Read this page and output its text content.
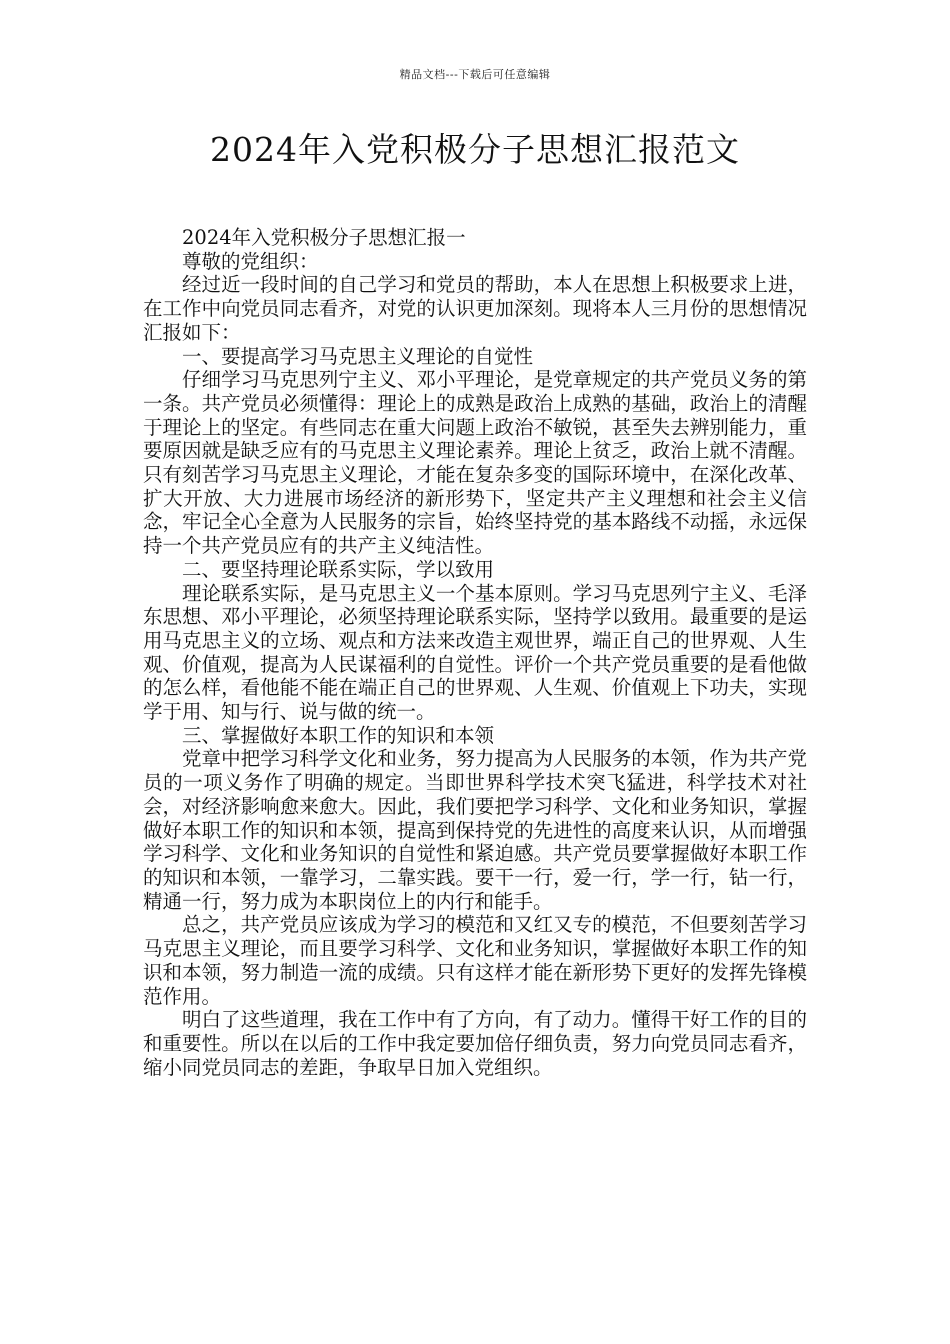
精品文档---下载后可任意编辑
2024年入党积极分子思想汇报范文

2024年入党积极分子思想汇报一

尊敬的党组织：

经过近一段时间的自己学习和党员的帮助，本人在思想上积极要求上进，在工作中向党员同志看齐，对党的认识更加深刻。现将本人三月份的思想情况汇报如下：

一、要提高学习马克思主义理论的自觉性

仔细学习马克思列宁主义、邓小平理论，是党章规定的共产党员义务的第一条。共产党员必须懂得：理论上的成熟是政治上成熟的基础，政治上的清醒于理论上的坚定。有些同志在重大问题上政治不敏锐，甚至失去辨别能力，重要原因就是缺乏应有的马克思主义理论素养。理论上贫乏，政治上就不清醒。只有刻苦学习马克思主义理论，才能在复杂多变的国际环境中，在深化改革、扩大开放、大力进展市场经济的新形势下，坚定共产主义理想和社会主义信念，牢记全心全意为人民服务的宗旨，始终坚持党的基本路线不动摇，永远保持一个共产党员应有的共产主义纯洁性。

二、要坚持理论联系实际，学以致用

理论联系实际，是马克思主义一个基本原则。学习马克思列宁主义、毛泽东思想、邓小平理论，必须坚持理论联系实际，坚持学以致用。最重要的是运用马克思主义的立场、观点和方法来改造主观世界，端正自己的世界观、人生观、价值观，提高为人民谋福利的自觉性。评价一个共产党员重要的是看他做的怎么样，看他能不能在端正自己的世界观、人生观、价值观上下功夫，实现学于用、知与行、说与做的统一。

三、掌握做好本职工作的知识和本领

党章中把学习科学文化和业务，努力提高为人民服务的本领，作为共产党员的一项义务作了明确的规定。当即世界科学技术突飞猛进，科学技术对社会，对经济影响愈来愈大。因此，我们要把学习科学、文化和业务知识，掌握做好本职工作的知识和本领，提高到保持党的先进性的高度来认识，从而增强学习科学、文化和业务知识的自觉性和紧迫感。共产党员要掌握做好本职工作的知识和本领，一靠学习，二靠实践。要干一行，爱一行，学一行，钻一行，精通一行，努力成为本职岗位上的内行和能手。

总之，共产党员应该成为学习的模范和又红又专的模范，不但要刻苦学习马克思主义理论，而且要学习科学、文化和业务知识，掌握做好本职工作的知识和本领，努力制造一流的成绩。只有这样才能在新形势下更好的发挥先锋模范作用。

明白了这些道理，我在工作中有了方向，有了动力。懂得干好工作的目的和重要性。所以在以后的工作中我定要加倍仔细负责，努力向党员同志看齐，缩小同党员同志的差距，争取早日加入党组织。
